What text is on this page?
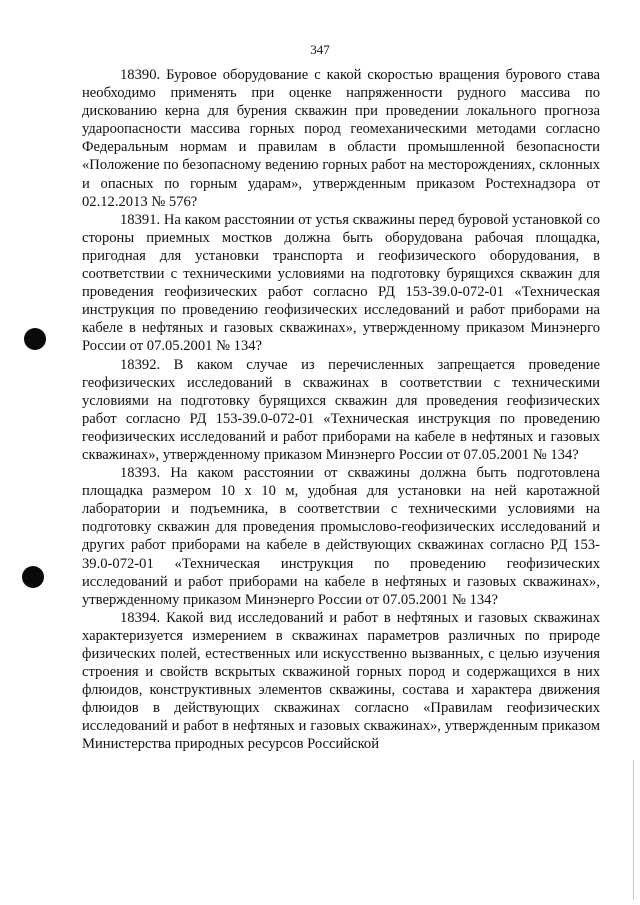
347

18390. Буровое оборудование с какой скоростью вращения бурового става необходимо применять при оценке напряженности рудного массива по дискованию керна для бурения скважин при проведении локального прогноза удароопасности массива горных пород геомеханическими методами согласно Федеральным нормам и правилам в области промышленной безопасности «Положение по безопасному ведению горных работ на месторождениях, склонных и опасных по горным ударам», утвержденным приказом Ростехнадзора от 02.12.2013 № 576?

18391. На каком расстоянии от устья скважины перед буровой установкой со стороны приемных мостков должна быть оборудована рабочая площадка, пригодная для установки транспорта и геофизического оборудования, в соответствии с техническими условиями на подготовку бурящихся скважин для проведения геофизических работ согласно РД 153-39.0-072-01 «Техническая инструкция по проведению геофизических исследований и работ приборами на кабеле в нефтяных и газовых скважинах», утвержденному приказом Минэнерго России от 07.05.2001 № 134?

18392. В каком случае из перечисленных запрещается проведение геофизических исследований в скважинах в соответствии с техническими условиями на подготовку бурящихся скважин для проведения геофизических работ согласно РД 153-39.0-072-01 «Техническая инструкция по проведению геофизических исследований и работ приборами на кабеле в нефтяных и газовых скважинах», утвержденному приказом Минэнерго России от 07.05.2001 № 134?

18393. На каком расстоянии от скважины должна быть подготовлена площадка размером 10 х 10 м, удобная для установки на ней каротажной лаборатории и подъемника, в соответствии с техническими условиями на подготовку скважин для проведения промыслово-геофизических исследований и других работ приборами на кабеле в действующих скважинах согласно РД 153-39.0-072-01 «Техническая инструкция по проведению геофизических исследований и работ приборами на кабеле в нефтяных и газовых скважинах», утвержденному приказом Минэнерго России от 07.05.2001 № 134?

18394. Какой вид исследований и работ в нефтяных и газовых скважинах характеризуется измерением в скважинах параметров различных по природе физических полей, естественных или искусственно вызванных, с целью изучения строения и свойств вскрытых скважиной горных пород и содержащихся в них флюидов, конструктивных элементов скважины, состава и характера движения флюидов в действующих скважинах согласно «Правилам геофизических исследований и работ в нефтяных и газовых скважинах», утвержденным приказом Министерства природных ресурсов Российской
